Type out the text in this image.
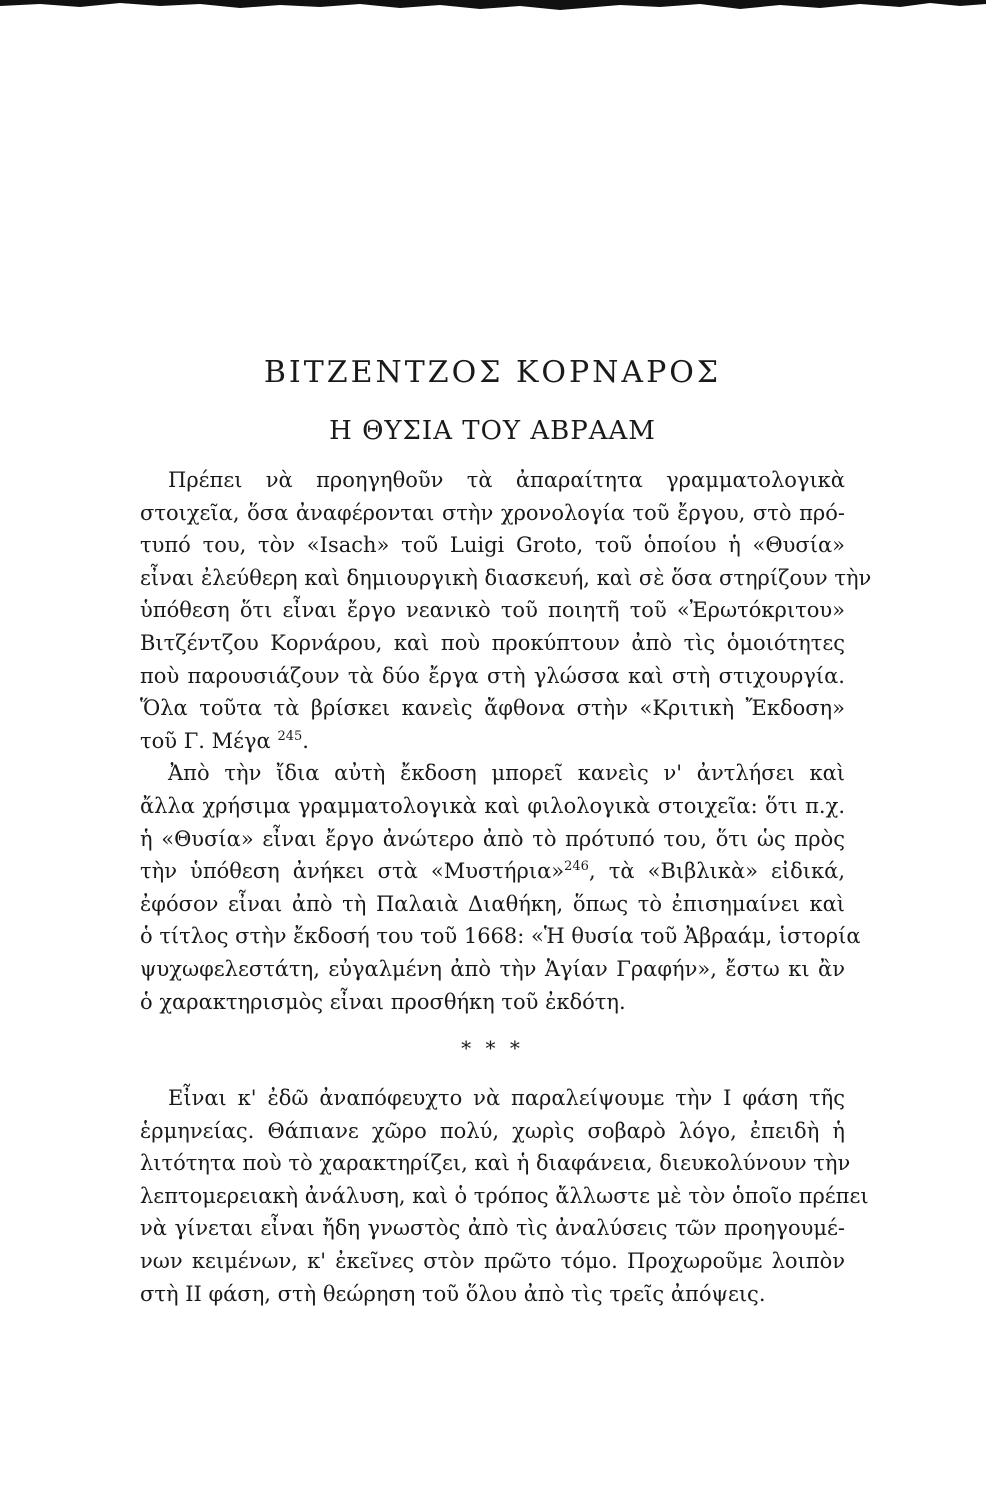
ΒΙΤΖΕΝΤΖΟΣ ΚΟΡΝΑΡΟΣ
Η ΘΥΣΙΑ ΤΟΥ ΑΒΡΑΑΜ

Πρέπει νὰ προηγηθοῦν τὰ ἀπαραίτητα γραμματολογικὰ
στοιχεῖα, ὅσα ἀναφέρονται στὴν χρονολογία τοῦ ἔργου, στὸ πρό-
τυπό του, τὸν «Isach» τοῦ Luigi Groto, τοῦ ὁποίου ἡ «Θυσία»
εἶναι ἐλεύθερη καὶ δημιουργικὴ διασκευή, καὶ σὲ ὅσα στηρίζουν τὴν
ὑπόθεση ὅτι εἶναι ἔργο νεανικὸ τοῦ ποιητῆ τοῦ «Ἐρωτόκριτου»
Βιτζέντζου Κορνάρου, καὶ ποὺ προκύπτουν ἀπὸ τὶς ὁμοιότητες
ποὺ παρουσιάζουν τὰ δύο ἔργα στὴ γλώσσα καὶ στὴ στιχουργία.
Ὅλα τοῦτα τὰ βρίσκει κανεὶς ἄφθονα στὴν «Κριτικὴ Ἔκδοση»
τοῦ Γ. Μέγα $^{245}$.

Ἀπὸ τὴν ἴδια αὐτὴ ἔκδοση μπορεῖ κανεὶς ν' ἀντλήσει καὶ
ἄλλα χρήσιμα γραμματολογικὰ καὶ φιλολογικὰ στοιχεῖα: ὅτι π.χ.
ἡ «Θυσία» εἶναι ἔργο ἀνώτερο ἀπὸ τὸ πρότυπό του, ὅτι ὡς πρὸς
τὴν ὑπόθεση ἀνήκει στὰ «Μυστήρια»$^{246}$, τὰ «Βιβλικὰ» εἰδικά,
ἐφόσον εἶναι ἀπὸ τὴ Παλαιὰ Διαθήκη, ὅπως τὸ ἐπισημαίνει καὶ
ὁ τίτλος στὴν ἔκδοσή του τοῦ 1668: «Ἡ θυσία τοῦ Ἀβραάμ, ἱστορία
ψυχωφελεστάτη, εὐγαλμένη ἀπὸ τὴν Ἁγίαν Γραφήν», ἔστω κι ἂν
ὁ χαρακτηρισμὸς εἶναι προσθήκη τοῦ ἐκδότη.

* * *

Εἶναι κ' ἐδῶ ἀναπόφευχτο νὰ παραλείψουμε τὴν Ι φάση τῆς
ἑρμηνείας. Θάπιανε χῶρο πολύ, χωρὶς σοβαρὸ λόγο, ἐπειδὴ ἡ
λιτότητα ποὺ τὸ χαρακτηρίζει, καὶ ἡ διαφάνεια, διευκολύνουν τὴν
λεπτομερειακὴ ἀνάλυση, καὶ ὁ τρόπος ἄλλωστε μὲ τὸν ὁποῖο πρέπει
νὰ γίνεται εἶναι ἤδη γνωστὸς ἀπὸ τὶς ἀναλύσεις τῶν προηγουμέ-
νων κειμένων, κ' ἐκεῖνες στὸν πρῶτο τόμο. Προχωροῦμε λοιπὸν
στὴ ΙΙ φάση, στὴ θεώρηση τοῦ ὅλου ἀπὸ τὶς τρεῖς ἀπόψεις.
